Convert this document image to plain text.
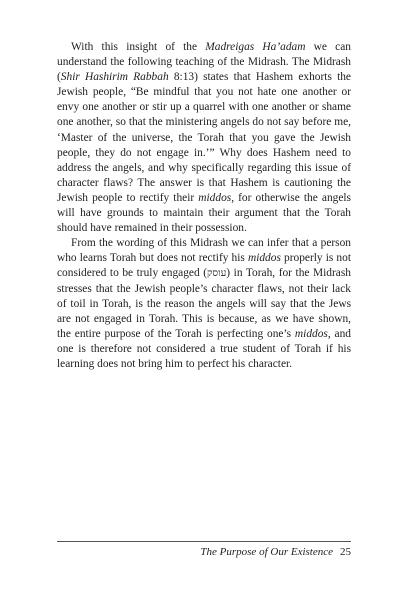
With this insight of the Madreigas Ha’adam we can understand the following teaching of the Midrash. The Midrash (Shir Hashirim Rabbah 8:13) states that Hashem exhorts the Jewish people, “Be mindful that you not hate one another or envy one another or stir up a quarrel with one another or shame one another, so that the ministering angels do not say before me, ‘Master of the universe, the Torah that you gave the Jewish people, they do not engage in.’” Why does Hashem need to address the angels, and why specifically regarding this issue of character flaws? The answer is that Hashem is cautioning the Jewish people to rectify their middos, for otherwise the angels will have grounds to maintain their argument that the Torah should have remained in their possession.

From the wording of this Midrash we can infer that a person who learns Torah but does not rectify his middos properly is not considered to be truly engaged (עוסק) in Torah, for the Midrash stresses that the Jewish people’s character flaws, not their lack of toil in Torah, is the reason the angels will say that the Jews are not engaged in Torah. This is because, as we have shown, the entire purpose of the Torah is perfecting one’s middos, and one is therefore not considered a true student of Torah if his learning does not bring him to perfect his character.

The Purpose of Our Existence 25
